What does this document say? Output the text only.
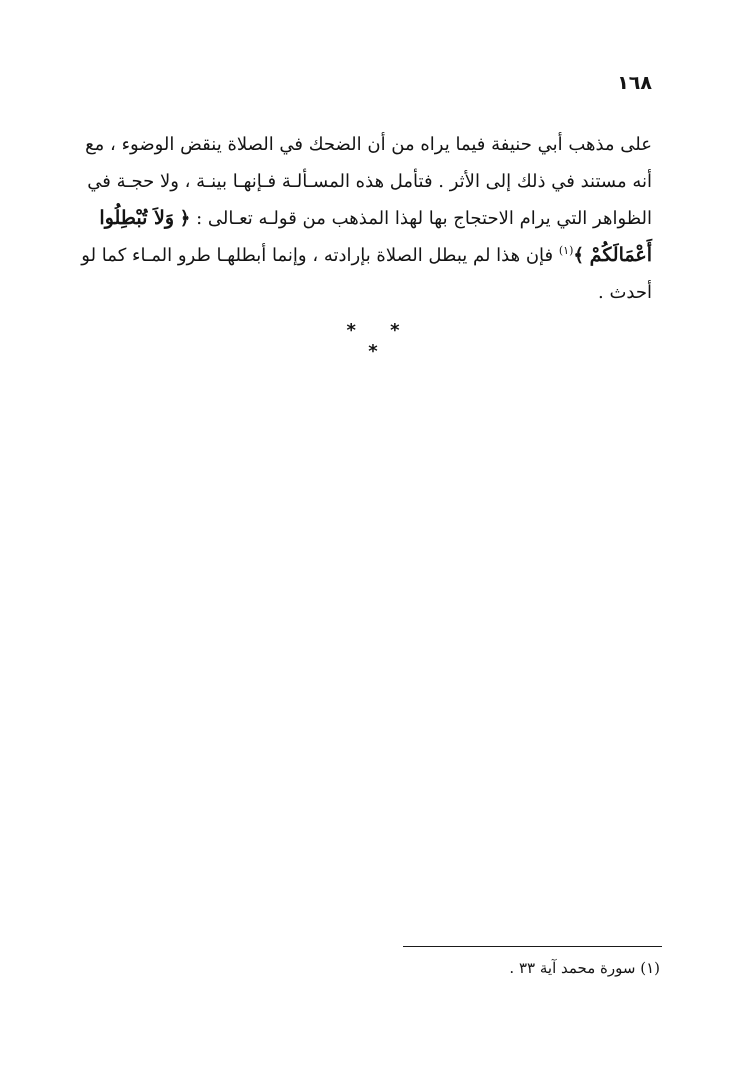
١٦٨
على مذهب أبي حنيفة فيما يراه من أن الضحك في الصلاة ينقض الوضوء ، مع
أنه مستند في ذلك إلى الأثر . فتأمل هذه المسـألـة فـإنهـا بينـة ، ولا حجـة في
الظواهر التي يرام الاحتجاج بها لهذا المذهب من قولـه تعـالى : ﴿ وَلاَ تُبْطِلُوا
أَعْمَالَكُمْ ﴾$^{(١)}$ فإن هذا لم يبطل الصلاة بإرادته ، وإنما أبطلهـا طرو المـاء كما لو
أحدث .
* * *
(١) سورة محمد آية ٣٣ .
